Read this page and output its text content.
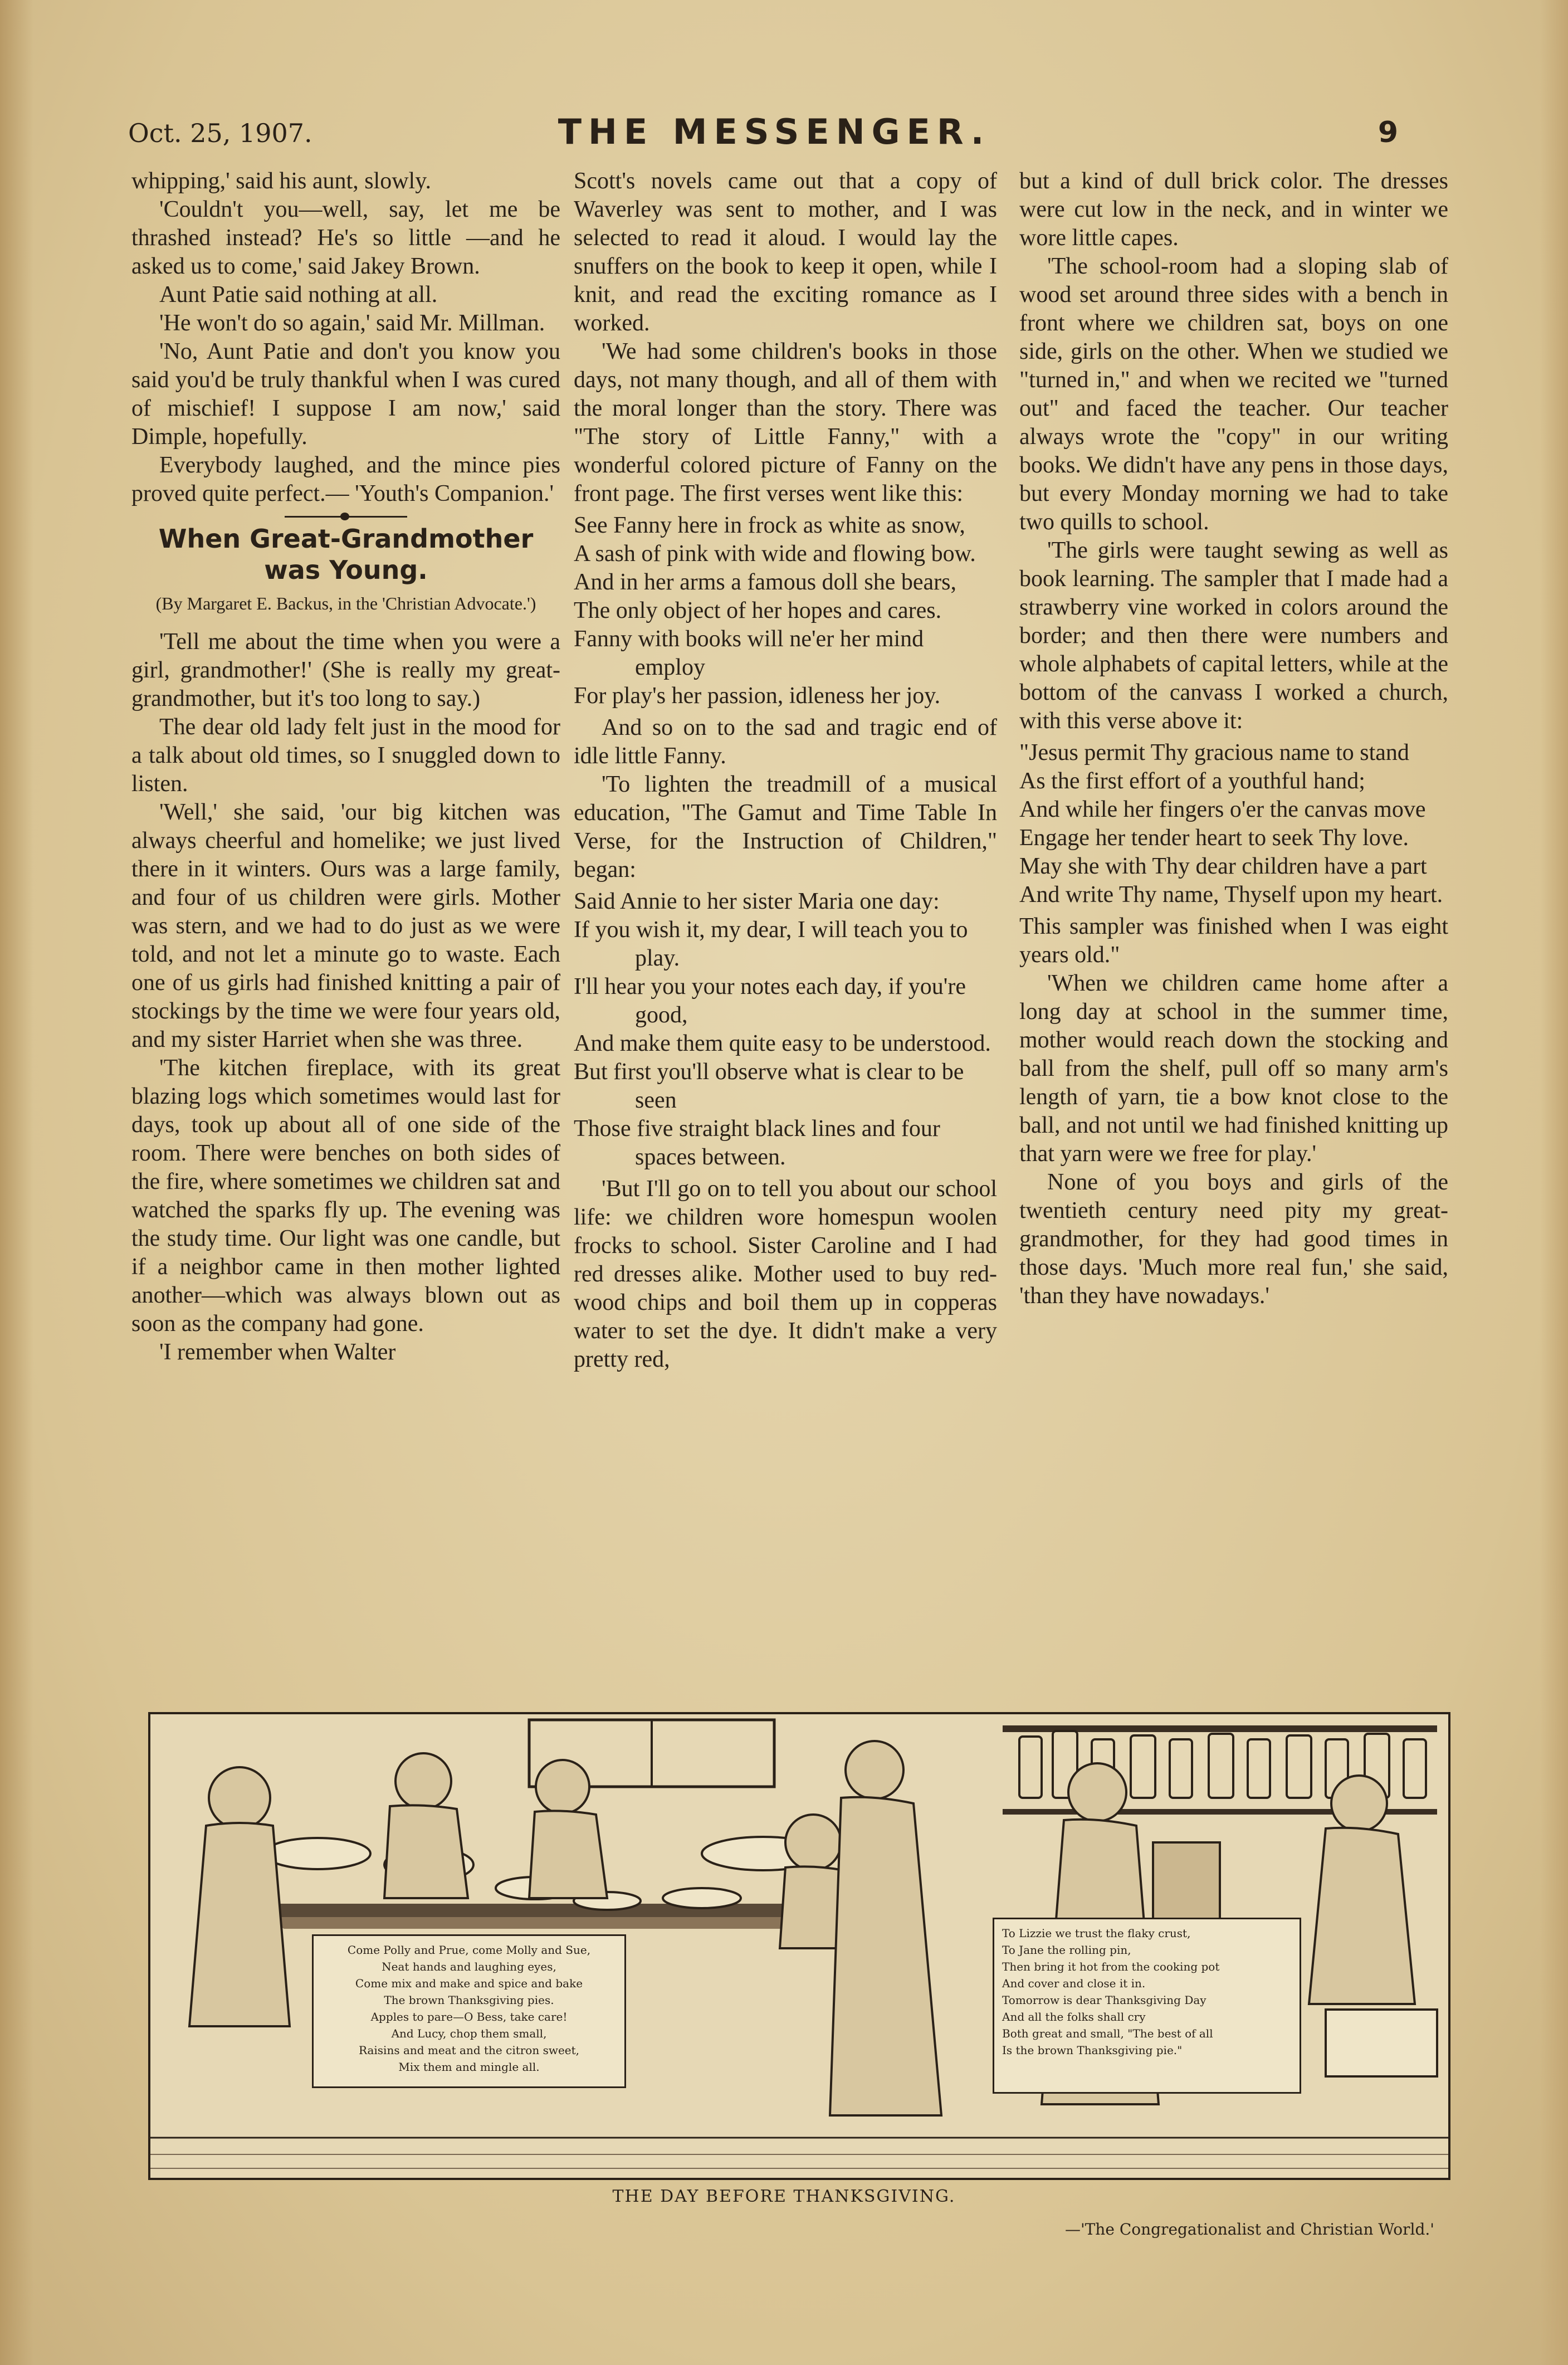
Oct. 25, 1907.	THE MESSENGER.	9

whipping,' said his aunt, slowly.

'Couldn't you—well, say, let me be thrashed instead? He's so little —and he asked us to come,' said Jakey Brown.

Aunt Patie said nothing at all.

'He won't do so again,' said Mr. Millman.

'No, Aunt Patie and don't you know you said you'd be truly thankful when I was cured of mischief! I suppose I am now,' said Dimple, hopefully.

Everybody laughed, and the mince pies proved quite perfect.— 'Youth's Companion.'

When Great-Grandmother
was Young.
(By Margaret E. Backus, in the 'Christian Advocate.')

'Tell me about the time when you were a girl, grandmother!' (She is really my great-grandmother, but it's too long to say.)

The dear old lady felt just in the mood for a talk about old times, so I snuggled down to listen.

'Well,' she said, 'our big kitchen was always cheerful and homelike; we just lived there in it winters. Ours was a large family, and four of us children were girls. Mother was stern, and we had to do just as we were told, and not let a minute go to waste. Each one of us girls had finished knitting a pair of stockings by the time we were four years old, and my sister Harriet when she was three.

'The kitchen fireplace, with its great blazing logs which sometimes would last for days, took up about all of one side of the room. There were benches on both sides of the fire, where sometimes we children sat and watched the sparks fly up. The evening was the study time. Our light was one candle, but if a neighbor came in then mother lighted another—which was always blown out as soon as the company had gone.

'I remember when Walter

Scott's novels came out that a copy of Waverley was sent to mother, and I was selected to read it aloud. I would lay the snuffers on the book to keep it open, while I knit, and read the exciting romance as I worked.

'We had some children's books in those days, not many though, and all of them with the moral longer than the story. There was "The story of Little Fanny," with a wonderful colored picture of Fanny on the front page. The first verses went like this:

See Fanny here in frock as white as snow,
A sash of pink with wide and flowing bow.
And in her arms a famous doll she bears,
The only object of her hopes and cares.
Fanny with books will ne'er her mind employ
For play's her passion, idleness her joy.

And so on to the sad and tragic end of idle little Fanny.

'To lighten the treadmill of a musical education, "The Gamut and Time Table In Verse, for the Instruction of Children," began:

Said Annie to her sister Maria one day:
If you wish it, my dear, I will teach you to play.
I'll hear you your notes each day, if you're good,
And make them quite easy to be understood.
But first you'll observe what is clear to be seen
Those five straight black lines and four spaces between.

'But I'll go on to tell you about our school life: we children wore homespun woolen frocks to school. Sister Caroline and I had red dresses alike. Mother used to buy red-wood chips and boil them up in copperas water to set the dye. It didn't make a very pretty red,

but a kind of dull brick color. The dresses were cut low in the neck, and in winter we wore little capes.

'The school-room had a sloping slab of wood set around three sides with a bench in front where we children sat, boys on one side, girls on the other. When we studied we "turned in," and when we recited we "turned out" and faced the teacher. Our teacher always wrote the "copy" in our writing books. We didn't have any pens in those days, but every Monday morning we had to take two quills to school.

'The girls were taught sewing as well as book learning. The sampler that I made had a strawberry vine worked in colors around the border; and then there were numbers and whole alphabets of capital letters, while at the bottom of the canvass I worked a church, with this verse above it:

"Jesus permit Thy gracious name to stand
As the first effort of a youthful hand;
And while her fingers o'er the canvas move
Engage her tender heart to seek Thy love.
May she with Thy dear children have a part
And write Thy name, Thyself upon my heart.

This sampler was finished when I was eight years old."

'When we children came home after a long day at school in the summer time, mother would reach down the stocking and ball from the shelf, pull off so many arm's length of yarn, tie a bow knot close to the ball, and not until we had finished knitting up that yarn were we free for play.'

None of you boys and girls of the twentieth century need pity my great-grandmother, for they had good times in those days. 'Much more real fun,' she said, 'than they have nowadays.'

Come Polly and Prue, come Molly and Sue,
Neat hands and laughing eyes,
Come mix and make and spice and bake
The brown Thanksgiving pies.
Apples to pare—O Bess, take care!
And Lucy, chop them small,
Raisins and meat and the citron sweet,
Mix them and mingle all.
To Lizzie we trust the flaky crust,
To Jane the rolling pin,
Then bring it hot from the cooking pot
And cover and close it in.
Tomorrow is dear Thanksgiving Day
And all the folks shall cry
Both great and small, "The best of all
Is the brown Thanksgiving pie."
THE DAY BEFORE THANKSGIVING.
—'The Congregationalist and Christian World.'
